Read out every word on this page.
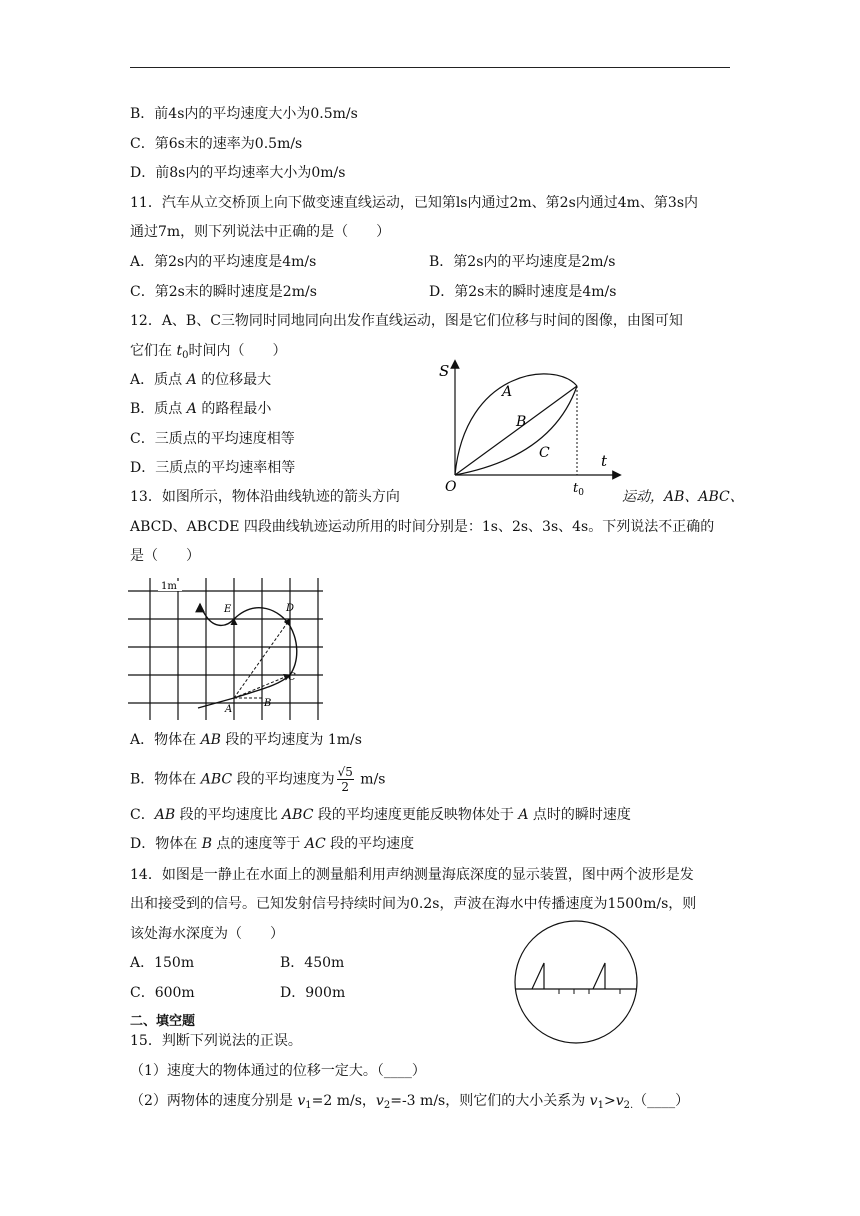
B．前4s内的平均速度大小为0.5m/s
C．第6s末的速率为0.5m/s
D．前8s内的平均速率大小为0m/s
11．汽车从立交桥顶上向下做变速直线运动，已知第ls内通过2m、第2s内通过4m、第3s内
通过7m，则下列说法中正确的是（　　）
A．第2s内的平均速度是4m/s	B．第2s内的平均速度是2m/s
C．第2s末的瞬时速度是2m/s	D．第2s末的瞬时速度是4m/s
12．A、B、C三物同时同地同向出发作直线运动，图是它们位移与时间的图像，由图可知
它们在 $t_0$时间内（　　）
A．质点 A 的位移最大
B．质点 A 的路程最小
C．三质点的平均速度相等
D．三质点的平均速率相等
S
t
O	$t_0$
A
B
C
13．如图所示，物体沿曲线轨迹的箭头方向	运动，AB、ABC、
ABCD、ABCDE 四段曲线轨迹运动所用的时间分别是：1s、2s、3s、4s。下列说法不正确的
是（　　）
1m
A
B
C
D
E
A．物体在 AB 段的平均速度为 1m/s
B．物体在 ABC 段的平均速度为 $\frac{√5}{2} m/s$
C．AB 段的平均速度比 ABC 段的平均速度更能反映物体处于 A 点时的瞬时速度
D．物体在 B 点的速度等于 AC 段的平均速度
14．如图是一静止在水面上的测量船利用声纳测量海底深度的显示装置，图中两个波形是发
出和接受到的信号。已知发射信号持续时间为0.2s，声波在海水中传播速度为1500m/s，则
该处海水深度为（　　）
A．150m	B．450m
C．600m	D．900m
二、填空题
15．判断下列说法的正误。
（1）速度大的物体通过的位移一定大。（____）
（2）两物体的速度分别是 $v_1=2$ m/s，$v_2=-3$ m/s，则它们的大小关系为 $v_1>v_{2.}(\_\_\_\_)$
